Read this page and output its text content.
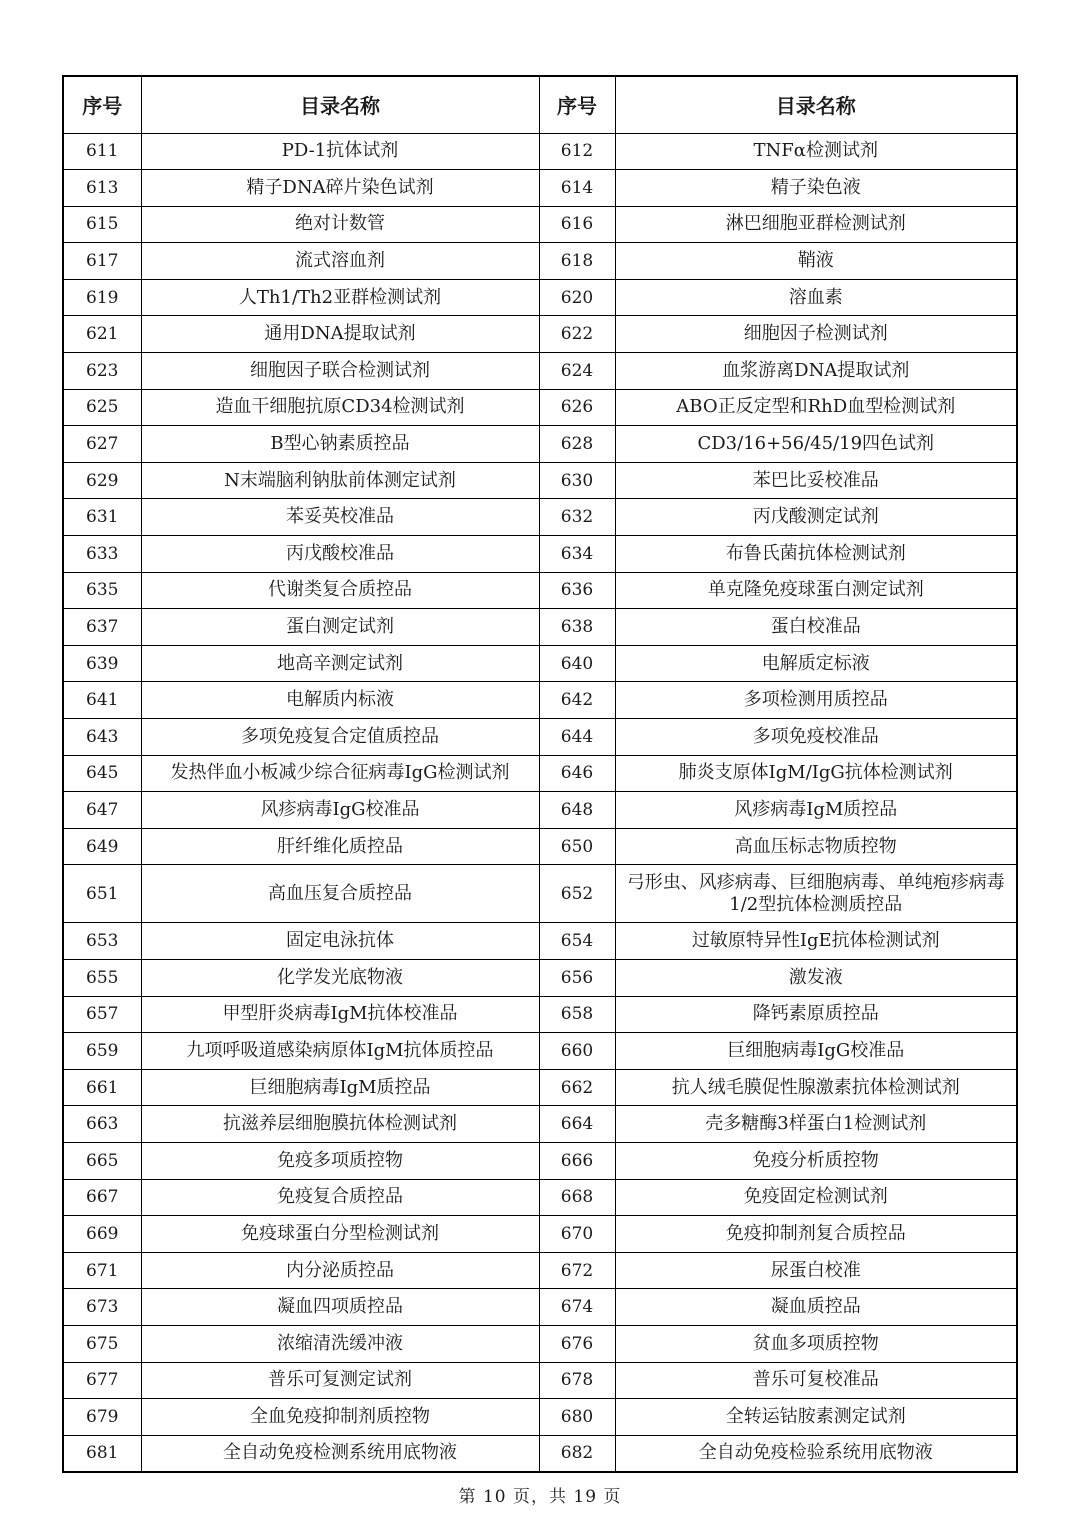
序号	目录名称	序号	目录名称
611	PD-1抗体试剂	612	TNFα检测试剂
613	精子DNA碎片染色试剂	614	精子染色液
615	绝对计数管	616	淋巴细胞亚群检测试剂
617	流式溶血剂	618	鞘液
619	人Th1/Th2亚群检测试剂	620	溶血素
621	通用DNA提取试剂	622	细胞因子检测试剂
623	细胞因子联合检测试剂	624	血浆游离DNA提取试剂
625	造血干细胞抗原CD34检测试剂	626	ABO正反定型和RhD血型检测试剂
627	B型心钠素质控品	628	CD3/16+56/45/19四色试剂
629	N末端脑利钠肽前体测定试剂	630	苯巴比妥校准品
631	苯妥英校准品	632	丙戊酸测定试剂
633	丙戊酸校准品	634	布鲁氏菌抗体检测试剂
635	代谢类复合质控品	636	单克隆免疫球蛋白测定试剂
637	蛋白测定试剂	638	蛋白校准品
639	地高辛测定试剂	640	电解质定标液
641	电解质内标液	642	多项检测用质控品
643	多项免疫复合定值质控品	644	多项免疫校准品
645	发热伴血小板减少综合征病毒IgG检测试剂	646	肺炎支原体IgM/IgG抗体检测试剂
647	风疹病毒IgG校准品	648	风疹病毒IgM质控品
649	肝纤维化质控品	650	高血压标志物质控物
651	高血压复合质控品	652	弓形虫、风疹病毒、巨细胞病毒、单纯疱疹病毒1/2型抗体检测质控品
653	固定电泳抗体	654	过敏原特异性IgE抗体检测试剂
655	化学发光底物液	656	激发液
657	甲型肝炎病毒IgM抗体校准品	658	降钙素原质控品
659	九项呼吸道感染病原体IgM抗体质控品	660	巨细胞病毒IgG校准品
661	巨细胞病毒IgM质控品	662	抗人绒毛膜促性腺激素抗体检测试剂
663	抗滋养层细胞膜抗体检测试剂	664	壳多糖酶3样蛋白1检测试剂
665	免疫多项质控物	666	免疫分析质控物
667	免疫复合质控品	668	免疫固定检测试剂
669	免疫球蛋白分型检测试剂	670	免疫抑制剂复合质控品
671	内分泌质控品	672	尿蛋白校准
673	凝血四项质控品	674	凝血质控品
675	浓缩清洗缓冲液	676	贫血多项质控物
677	普乐可复测定试剂	678	普乐可复校准品
679	全血免疫抑制剂质控物	680	全转运钴胺素测定试剂
681	全自动免疫检测系统用底物液	682	全自动免疫检验系统用底物液
第 10 页，共 19 页
